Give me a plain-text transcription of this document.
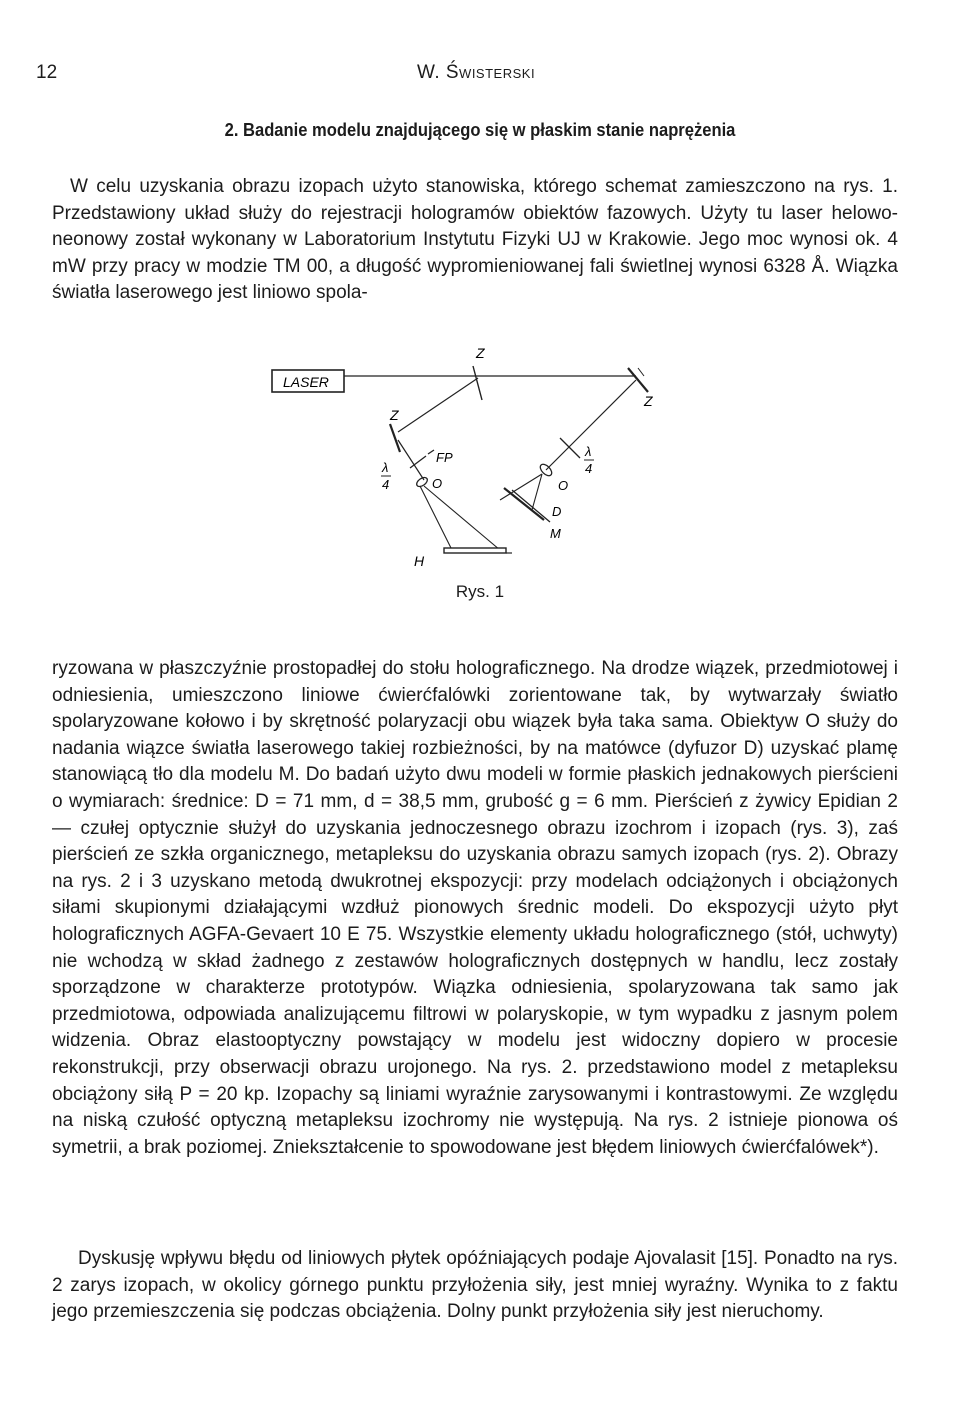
12	W. Świsterski
2. Badanie modelu znajdującego się w płaskim stanie naprężenia

W celu uzyskania obrazu izopach użyto stanowiska, którego schemat zamieszczono na rys. 1. Przedstawiony układ służy do rejestracji hologramów obiektów fazowych. Użyty tu laser helowo-neonowy został wykonany w Laboratorium Instytutu Fizyki UJ w Krakowie. Jego moc wynosi ok. 4 mW przy pracy w modzie TM 00, a długość wypromieniowanej fali świetlnej wynosi 6328 Å. Wiązka światła laserowego jest liniowo spola-

LASER
Z
Z
Z
FP
λ
4	O
H
λ
4
O
D
M
Rys. 1

ryzowana w płaszczyźnie prostopadłej do stołu holograficznego. Na drodze wiązek, przedmiotowej i odniesienia, umieszczono liniowe ćwierćfalówki zorientowane tak, by wytwarzały światło spolaryzowane kołowo i by skrętność polaryzacji obu wiązek była taka sama. Obiektyw O służy do nadania wiązce światła laserowego takiej rozbieżności, by na matówce (dyfuzor D) uzyskać plamę stanowiącą tło dla modelu M. Do badań użyto dwu modeli w formie płaskich jednakowych pierścieni o wymiarach: średnice: D = 71 mm, d = 38,5 mm, grubość g = 6 mm. Pierścień z żywicy Epidian 2 — czułej optycznie służył do uzyskania jednoczesnego obrazu izochrom i izopach (rys. 3), zaś pierścień ze szkła organicznego, metapleksu do uzyskania obrazu samych izopach (rys. 2). Obrazy na rys. 2 i 3 uzyskano metodą dwukrotnej ekspozycji: przy modelach odciążonych i obciążonych siłami skupionymi działającymi wzdłuż pionowych średnic modeli. Do ekspozycji użyto płyt holograficznych AGFA-Gevaert 10 E 75. Wszystkie elementy układu holograficznego (stół, uchwyty) nie wchodzą w skład żadnego z zestawów holograficznych dostępnych w handlu, lecz zostały sporządzone w charakterze prototypów. Wiązka odniesienia, spolaryzowana tak samo jak przedmiotowa, odpowiada analizującemu filtrowi w polaryskopie, w tym wypadku z jasnym polem widzenia. Obraz elastooptyczny powstający w modelu jest widoczny dopiero w procesie rekonstrukcji, przy obserwacji obrazu urojonego. Na rys. 2. przedstawiono model z metapleksu obciążony siłą P = 20 kp. Izopachy są liniami wyraźnie zarysowanymi i kontrastowymi. Ze względu na niską czułość optyczną metapleksu izochromy nie występują. Na rys. 2 istnieje pionowa oś symetrii, a brak poziomej. Zniekształcenie to spowodowane jest błędem liniowych ćwierćfalówek*).

Dyskusję wpływu błędu od liniowych płytek opóźniających podaje Ajovalasit [15]. Ponadto na rys. 2 zarys izopach, w okolicy górnego punktu przyłożenia siły, jest mniej wyraźny. Wynika to z faktu jego przemieszczenia się podczas obciążenia. Dolny punkt przyłożenia siły jest nieruchomy.
